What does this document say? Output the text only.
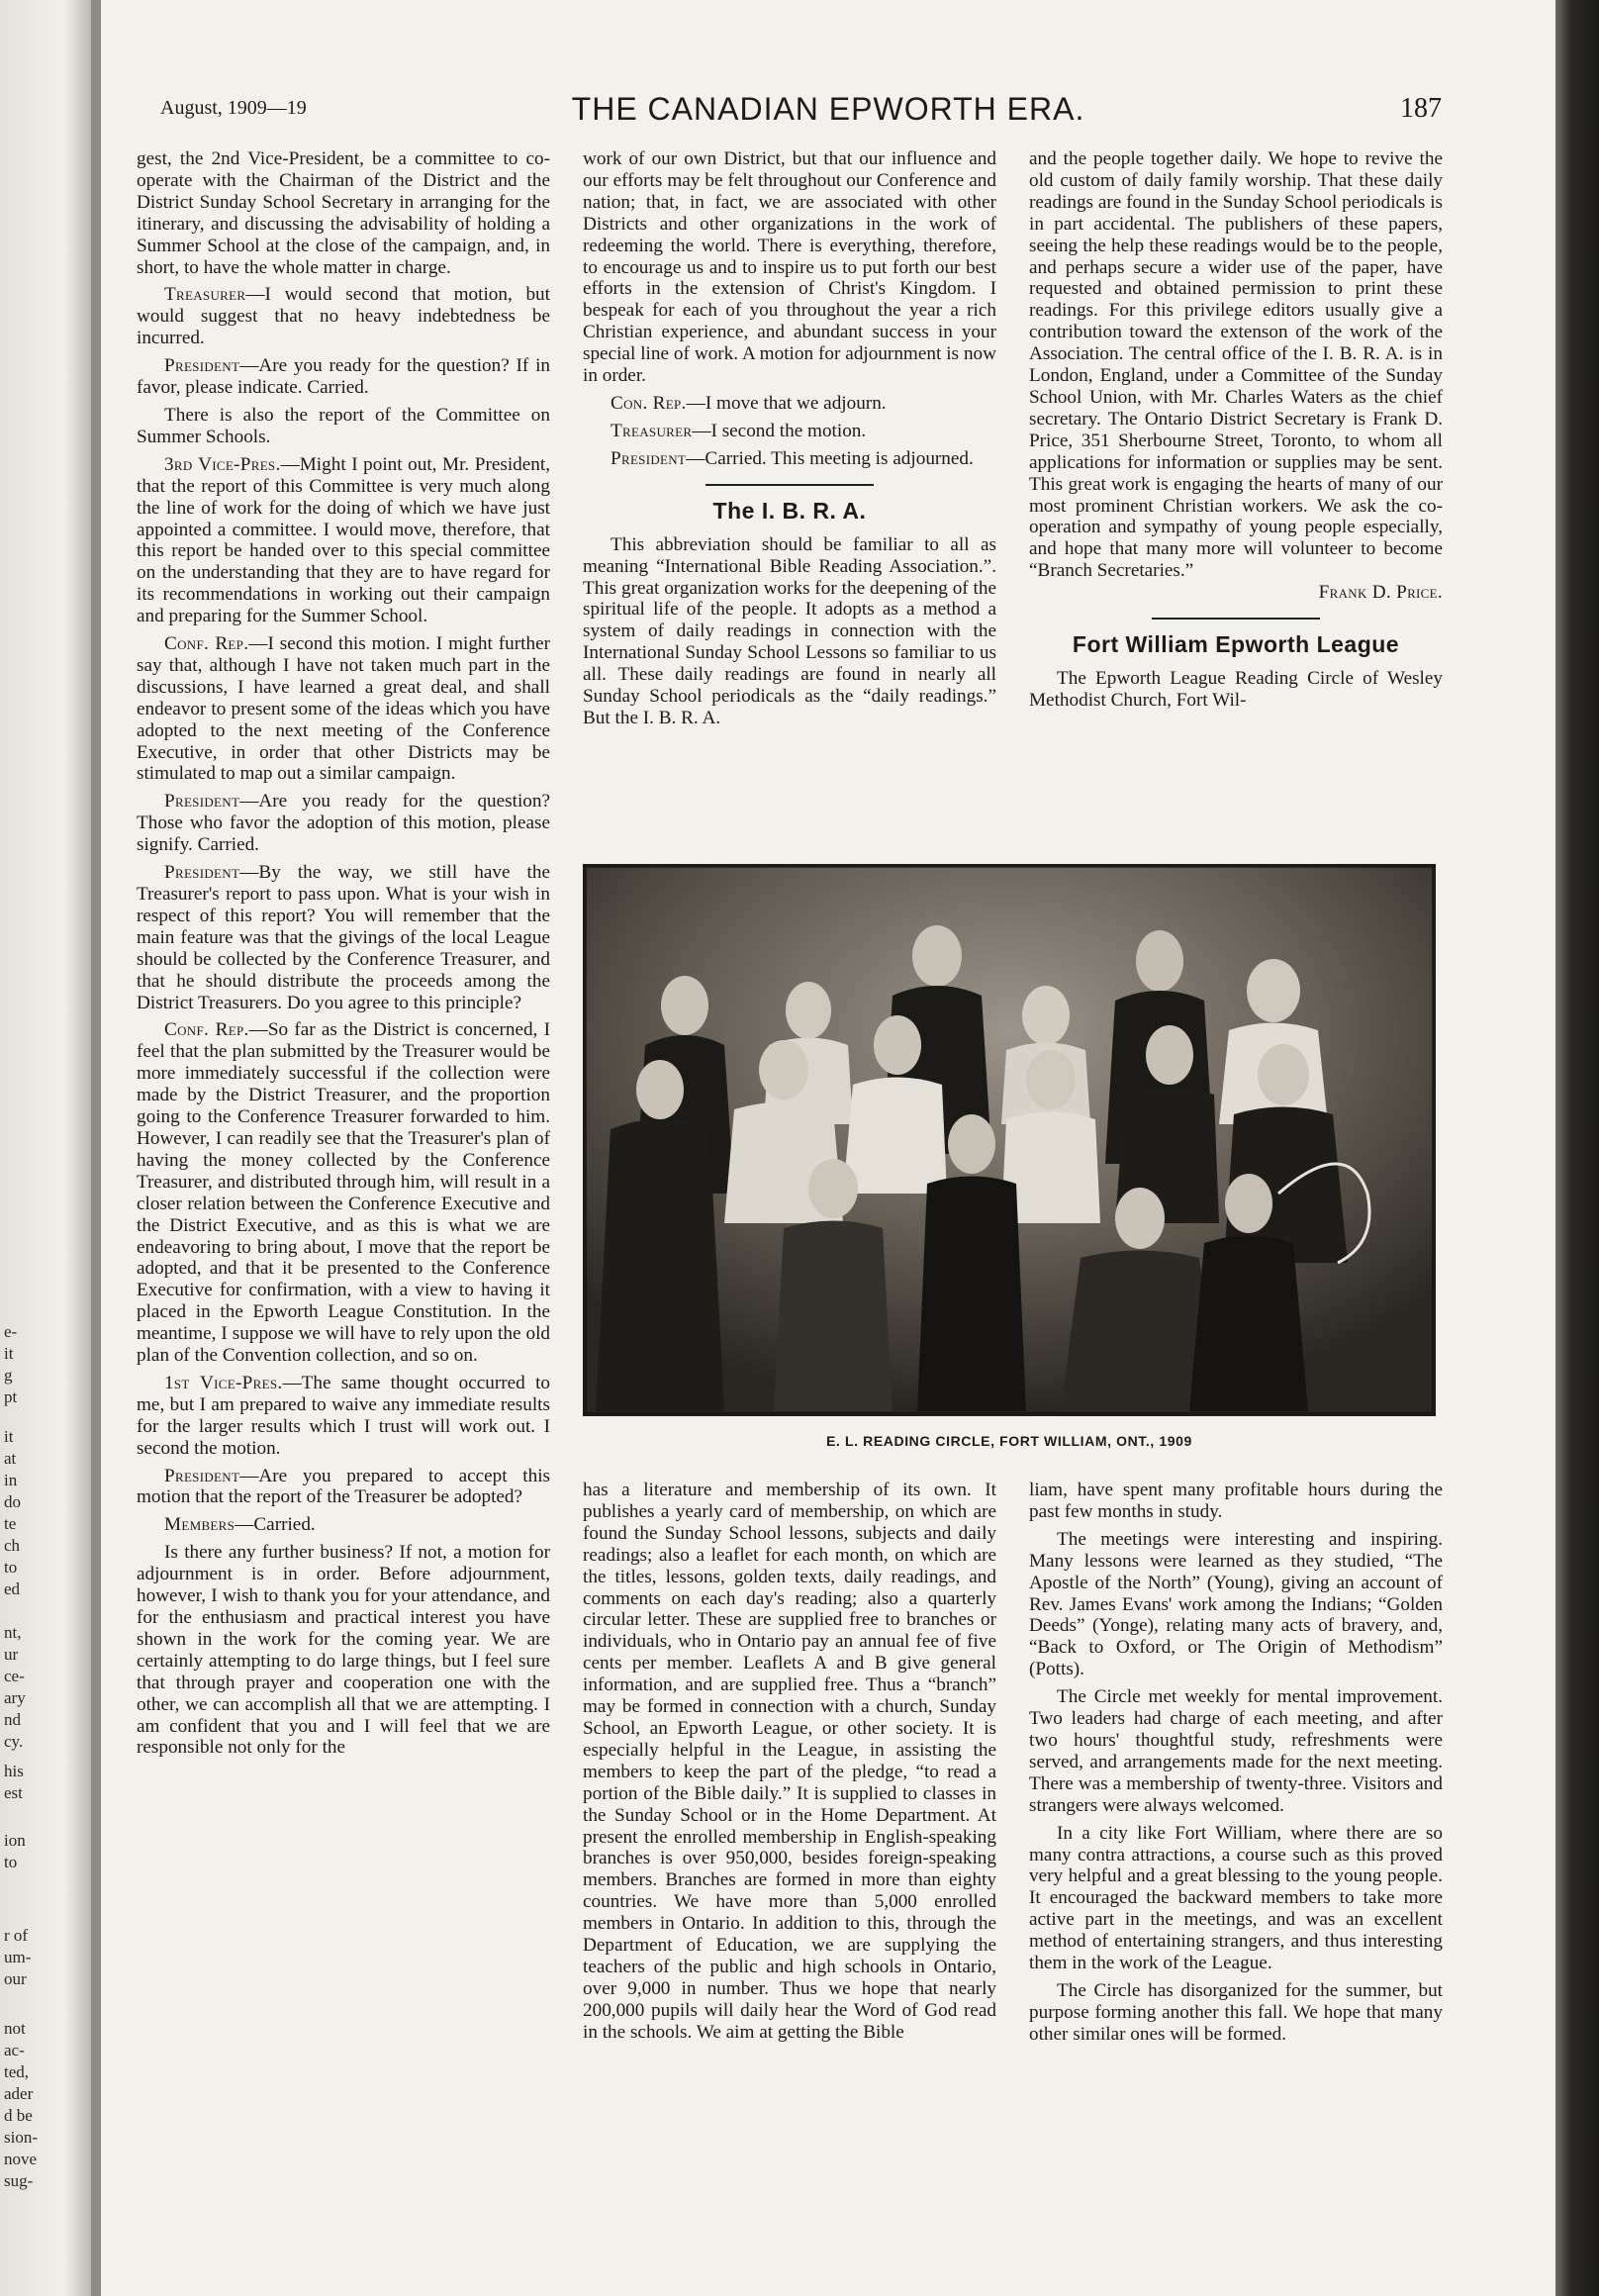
r of
um-
our
not
ac-
ted,
ader
d be
sion-
nove
sug-
e-
it
g
pt
it
at
in
do
te
ch
to
ed
nt,
ur
ce-
ary
nd
cy.
his
est
ion
to
August, 1909—19	THE CANADIAN EPWORTH ERA.	187

gest, the 2nd Vice-President, be a committee to co-operate with the Chairman of the District and the District Sunday School Secretary in arranging for the itinerary, and discussing the advisability of holding a Summer School at the close of the campaign, and, in short, to have the whole matter in charge.

Treasurer—I would second that motion, but would suggest that no heavy indebtedness be incurred.

President—Are you ready for the question? If in favor, please indicate. Carried.

There is also the report of the Committee on Summer Schools.

3rd Vice-Pres.—Might I point out, Mr. President, that the report of this Committee is very much along the line of work for the doing of which we have just appointed a committee. I would move, therefore, that this report be handed over to this special committee on the understanding that they are to have regard for its recommendations in working out their campaign and preparing for the Summer School.

Conf. Rep.—I second this motion. I might further say that, although I have not taken much part in the discussions, I have learned a great deal, and shall endeavor to present some of the ideas which you have adopted to the next meeting of the Conference Executive, in order that other Districts may be stimulated to map out a similar campaign.

President—Are you ready for the question? Those who favor the adoption of this motion, please signify. Carried.

President—By the way, we still have the Treasurer's report to pass upon. What is your wish in respect of this report? You will remember that the main feature was that the givings of the local League should be collected by the Conference Treasurer, and that he should distribute the proceeds among the District Treasurers. Do you agree to this principle?

Conf. Rep.—So far as the District is concerned, I feel that the plan submitted by the Treasurer would be more immediately successful if the collection were made by the District Treasurer, and the proportion going to the Conference Treasurer forwarded to him. However, I can readily see that the Treasurer's plan of having the money collected by the Conference Treasurer, and distributed through him, will result in a closer relation between the Conference Executive and the District Executive, and as this is what we are endeavoring to bring about, I move that the report be adopted, and that it be presented to the Conference Executive for confirmation, with a view to having it placed in the Epworth League Constitution. In the meantime, I suppose we will have to rely upon the old plan of the Convention collection, and so on.

1st Vice-Pres.—The same thought occurred to me, but I am prepared to waive any immediate results for the larger results which I trust will work out. I second the motion.

President—Are you prepared to accept this motion that the report of the Treasurer be adopted?

Members—Carried.

Is there any further business? If not, a motion for adjournment is in order. Before adjournment, however, I wish to thank you for your attendance, and for the enthusiasm and practical interest you have shown in the work for the coming year. We are certainly attempting to do large things, but I feel sure that through prayer and cooperation one with the other, we can accomplish all that we are attempting. I am confident that you and I will feel that we are responsible not only for the

work of our own District, but that our influence and our efforts may be felt throughout our Conference and nation; that, in fact, we are associated with other Districts and other organizations in the work of redeeming the world. There is everything, therefore, to encourage us and to inspire us to put forth our best efforts in the extension of Christ's Kingdom. I bespeak for each of you throughout the year a rich Christian experience, and abundant success in your special line of work. A motion for adjournment is now in order.

Con. Rep.—I move that we adjourn.

Treasurer—I second the motion.

President—Carried. This meeting is adjourned.

The I. B. R. A.

This abbreviation should be familiar to all as meaning “International Bible Reading Association.”. This great organization works for the deepening of the spiritual life of the people. It adopts as a method a system of daily readings in connection with the International Sunday School Lessons so familiar to us all. These daily readings are found in nearly all Sunday School periodicals as the “daily readings.” But the I. B. R. A.

and the people together daily. We hope to revive the old custom of daily family worship. That these daily readings are found in the Sunday School periodicals is in part accidental. The publishers of these papers, seeing the help these readings would be to the people, and perhaps secure a wider use of the paper, have requested and obtained permission to print these readings. For this privilege editors usually give a contribution toward the extenson of the work of the Association. The central office of the I. B. R. A. is in London, England, under a Committee of the Sunday School Union, with Mr. Charles Waters as the chief secretary. The Ontario District Secretary is Frank D. Price, 351 Sherbourne Street, Toronto, to whom all applications for information or supplies may be sent. This great work is engaging the hearts of many of our most prominent Christian workers. We ask the co-operation and sympathy of young people especially, and hope that many more will volunteer to become “Branch Secretaries.”

Frank D. Price.
Fort William Epworth League

The Epworth League Reading Circle of Wesley Methodist Church, Fort Wil-

E. L. READING CIRCLE, FORT WILLIAM, ONT., 1909

has a literature and membership of its own. It publishes a yearly card of membership, on which are found the Sunday School lessons, subjects and daily readings; also a leaflet for each month, on which are the titles, lessons, golden texts, daily readings, and comments on each day's reading; also a quarterly circular letter. These are supplied free to branches or individuals, who in Ontario pay an annual fee of five cents per member. Leaflets A and B give general information, and are supplied free. Thus a “branch” may be formed in connection with a church, Sunday School, an Epworth League, or other society. It is especially helpful in the League, in assisting the members to keep the part of the pledge, “to read a portion of the Bible daily.” It is supplied to classes in the Sunday School or in the Home Department. At present the enrolled membership in English-speaking branches is over 950,000, besides foreign-speaking members. Branches are formed in more than eighty countries. We have more than 5,000 enrolled members in Ontario. In addition to this, through the Department of Education, we are supplying the teachers of the public and high schools in Ontario, over 9,000 in number. Thus we hope that nearly 200,000 pupils will daily hear the Word of God read in the schools. We aim at getting the Bible

liam, have spent many profitable hours during the past few months in study.

The meetings were interesting and inspiring. Many lessons were learned as they studied, “The Apostle of the North” (Young), giving an account of Rev. James Evans' work among the Indians; “Golden Deeds” (Yonge), relating many acts of bravery, and, “Back to Oxford, or The Origin of Methodism” (Potts).

The Circle met weekly for mental improvement. Two leaders had charge of each meeting, and after two hours' thoughtful study, refreshments were served, and arrangements made for the next meeting. There was a membership of twenty-three. Visitors and strangers were always welcomed.

In a city like Fort William, where there are so many contra attractions, a course such as this proved very helpful and a great blessing to the young people. It encouraged the backward members to take more active part in the meetings, and was an excellent method of entertaining strangers, and thus interesting them in the work of the League.

The Circle has disorganized for the summer, but purpose forming another this fall. We hope that many other similar ones will be formed.
